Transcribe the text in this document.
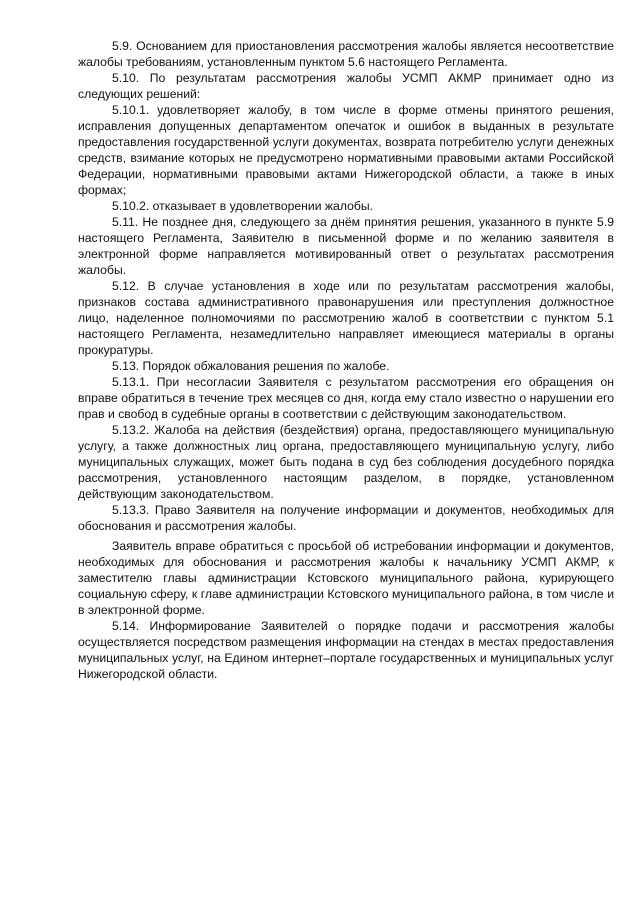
5.9. Основанием для приостановления рассмотрения жалобы является несоответствие жалобы требованиям, установленным пунктом 5.6 настоящего Регламента.

5.10. По результатам рассмотрения жалобы УСМП АКМР принимает одно из следующих решений:

5.10.1. удовлетворяет жалобу, в том числе в форме отмены принятого решения, исправления допущенных департаментом опечаток и ошибок в выданных в результате предоставления государственной услуги документах, возврата потребителю услуги денежных средств, взимание которых не предусмотрено нормативными правовыми актами Российской Федерации, нормативными правовыми актами Нижегородской области, а также в иных формах;

5.10.2. отказывает в удовлетворении жалобы.

5.11. Не позднее дня, следующего за днём принятия решения, указанного в пункте 5.9 настоящего Регламента, Заявителю в письменной форме и по желанию заявителя в электронной форме направляется мотивированный ответ о результатах рассмотрения жалобы.

5.12. В случае установления в ходе или по результатам рассмотрения жалобы, признаков состава административного правонарушения или преступления должностное лицо, наделенное полномочиями по рассмотрению жалоб в соответствии с пунктом 5.1 настоящего Регламента, незамедлительно направляет имеющиеся материалы в органы прокуратуры.

5.13. Порядок обжалования решения по жалобе.

5.13.1. При несогласии Заявителя с результатом рассмотрения его обращения он вправе обратиться в течение трех месяцев со дня, когда ему стало известно о нарушении его прав и свобод в судебные органы в соответствии с действующим законодательством.

5.13.2. Жалоба на действия (бездействия) органа, предоставляющего муниципальную услугу, а также должностных лиц органа, предоставляющего муниципальную услугу, либо муниципальных служащих, может быть подана в суд без соблюдения досудебного порядка рассмотрения, установленного настоящим разделом, в порядке, установленном действующим законодательством.

5.13.3. Право Заявителя на получение информации и документов, необходимых для обоснования и рассмотрения жалобы.

Заявитель вправе обратиться с просьбой об истребовании информации и документов, необходимых для обоснования и рассмотрения жалобы к начальнику УСМП АКМР, к заместителю главы администрации Кстовского муниципального района, курирующего социальную сферу, к главе администрации Кстовского муниципального района, в том числе и в электронной форме.

5.14. Информирование Заявителей о порядке подачи и рассмотрения жалобы осуществляется посредством размещения информации на стендах в местах предоставления муниципальных услуг, на Едином интернет–портале государственных и муниципальных услуг Нижегородской области.
